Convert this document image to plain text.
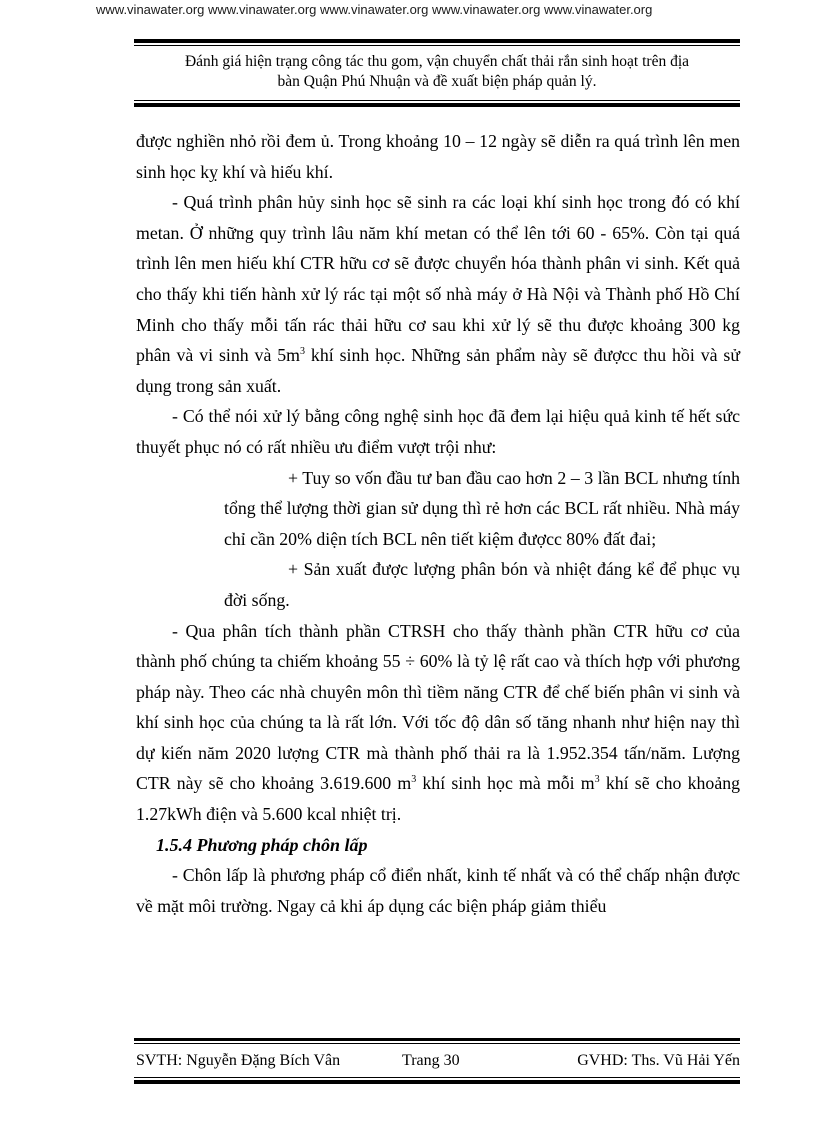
www.vinawater.org www.vinawater.org www.vinawater.org www.vinawater.org www.vinawater.org
Đánh giá hiện trạng công tác thu gom, vận chuyển chất thải rắn sinh hoạt trên địa
bàn Quận Phú Nhuận và đề xuất biện pháp quản lý.

được nghiền nhỏ rồi đem ủ. Trong khoảng 10 – 12 ngày sẽ diễn ra quá trình lên men sinh học kỵ khí và hiếu khí.

- Quá trình phân hủy sinh học sẽ sinh ra các loại khí sinh học trong đó có khí metan. Ở những quy trình lâu năm khí metan có thể lên tới 60 - 65%. Còn tại quá trình lên men hiếu khí CTR hữu cơ sẽ được chuyển hóa thành phân vi sinh. Kết quả cho thấy khi tiến hành xử lý rác tại một số nhà máy ở Hà Nội và Thành phố Hồ Chí Minh cho thấy mỗi tấn rác thải hữu cơ sau khi xử lý sẽ thu được khoảng 300 kg phân và vi sinh và $5m^3$ khí sinh học. Những sản phẩm này sẽ đượcc thu hồi và sử dụng trong sản xuất.

- Có thể nói xử lý bằng công nghệ sinh học đã đem lại hiệu quả kinh tế hết sức thuyết phục nó có rất nhiều ưu điểm vượt trội như:

+ Tuy so vốn đầu tư ban đầu cao hơn 2 – 3 lần BCL nhưng tính tổng thể lượng thời gian sử dụng thì rẻ hơn các BCL rất nhiều. Nhà máy chỉ cần 20% diện tích BCL nên tiết kiệm đượcc 80% đất đai;

+ Sản xuất được lượng phân bón và nhiệt đáng kể để phục vụ đời sống.

- Qua phân tích thành phần CTRSH cho thấy thành phần CTR hữu cơ của thành phố chúng ta chiếm khoảng 55 ÷ 60% là tỷ lệ rất cao và thích hợp với phương pháp này. Theo các nhà chuyên môn thì tiềm năng CTR để chế biến phân vi sinh và khí sinh học của chúng ta là rất lớn. Với tốc độ dân số tăng nhanh như hiện nay thì dự kiến năm 2020 lượng CTR mà thành phố thải ra là 1.952.354 tấn/năm. Lượng CTR này sẽ cho khoảng 3.619.600 $m^3$ khí sinh học mà mỗi $m^3$ khí sẽ cho khoảng 1.27kWh điện và 5.600 kcal nhiệt trị.

1.5.4 Phương pháp chôn lấp

- Chôn lấp là phương pháp cổ điển nhất, kinh tế nhất và có thể chấp nhận được về mặt môi trường. Ngay cả khi áp dụng các biện pháp giảm thiểu

SVTH: Nguyễn Đặng Bích Vân	Trang 30	GVHD: Ths. Vũ Hải Yến
